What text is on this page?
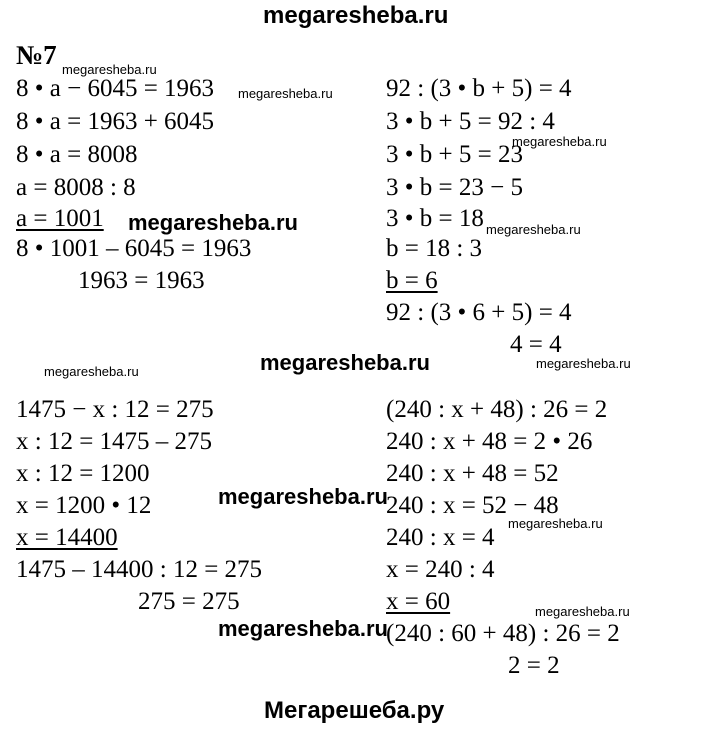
megaresheba.ru
№7
8 • a − 6045 = 1963
8 • a = 1963 + 6045
8 • a = 8008
a = 8008 : 8
a = 1001
8 • 1001 – 6045 = 1963
1963 = 1963
92 : (3 • b + 5) = 4
3 • b + 5 = 92 : 4
3 • b + 5 = 23
3 • b = 23 − 5
3 • b = 18
b = 18 : 3
b = 6
92 : (3 • 6 + 5) = 4
4 = 4
1475 − x : 12 = 275
x : 12 = 1475 – 275
x : 12 = 1200
x = 1200 • 12
x = 14400
1475 – 14400 : 12 = 275
275 = 275
(240 : x + 48) : 26 = 2
240 : x + 48 = 2 • 26
240 : x + 48 = 52
240 : x = 52 − 48
240 : x = 4
x = 240 : 4
x = 60
(240 : 60 + 48) : 26 = 2
2 = 2
megaresheba.ru
megaresheba.ru
megaresheba.ru
megaresheba.ru
megaresheba.ru
megaresheba.ru
megaresheba.ru
megaresheba.ru
megaresheba.ru
megaresheba.ru
megaresheba.ru
megaresheba.ru
Мегарешеба.ру
